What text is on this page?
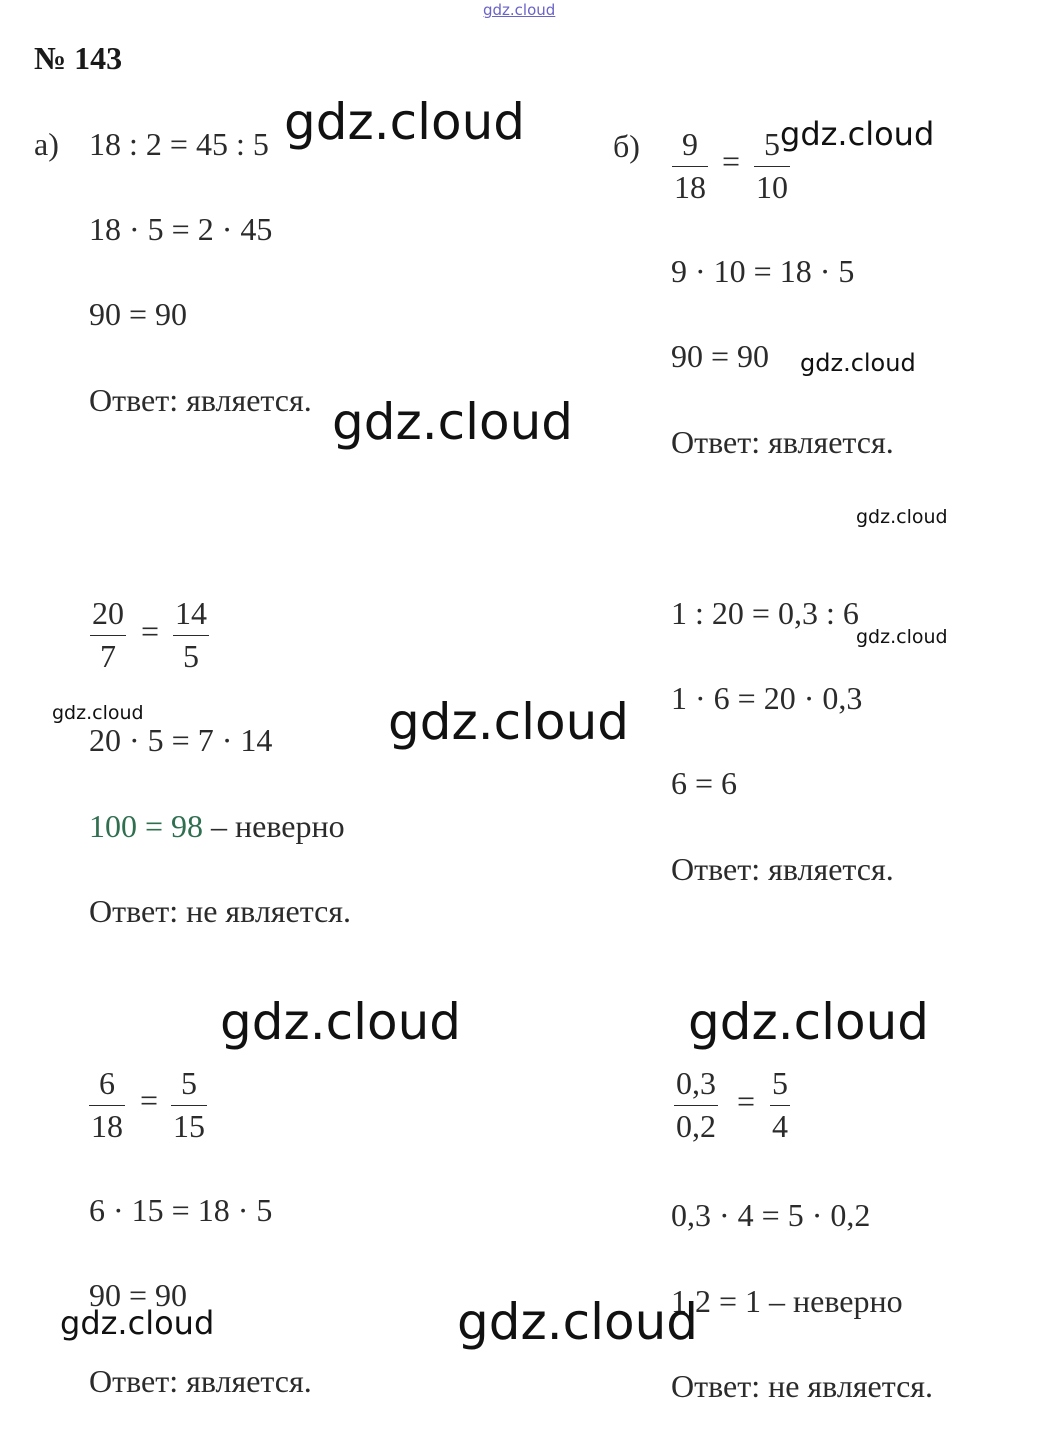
gdz.cloud
№ 143
а) 18 : 2 = 45 : 5
18 · 5 = 2 · 45
90 = 90
Ответ: является.
$\frac{20}{7} = \frac{14}{5}$
20 · 5 = 7 · 14
100 = 98 – неверно
Ответ: не является.
$\frac{6}{18} = \frac{5}{15}$
6 · 15 = 18 · 5
90 = 90
Ответ: является.
$б) \frac{9}{18} = \frac{5}{10}$
9 · 10 = 18 · 5
90 = 90
Ответ: является.
1 : 20 = 0,3 : 6
1 · 6 = 20 · 0,3
6 = 6
Ответ: является.
$\frac{0,3}{0,2} = \frac{5}{4}$
0,3 · 4 = 5 · 0,2
1,2 = 1 – неверно
Ответ: не является.
gdz.cloud	gdz.cloud
gdz.cloud
gdz.cloud
gdz.cloud
gdz.cloud
gdz.cloud	gdz.cloud
gdz.cloud	gdz.cloud
gdz.cloud	gdz.cloud
